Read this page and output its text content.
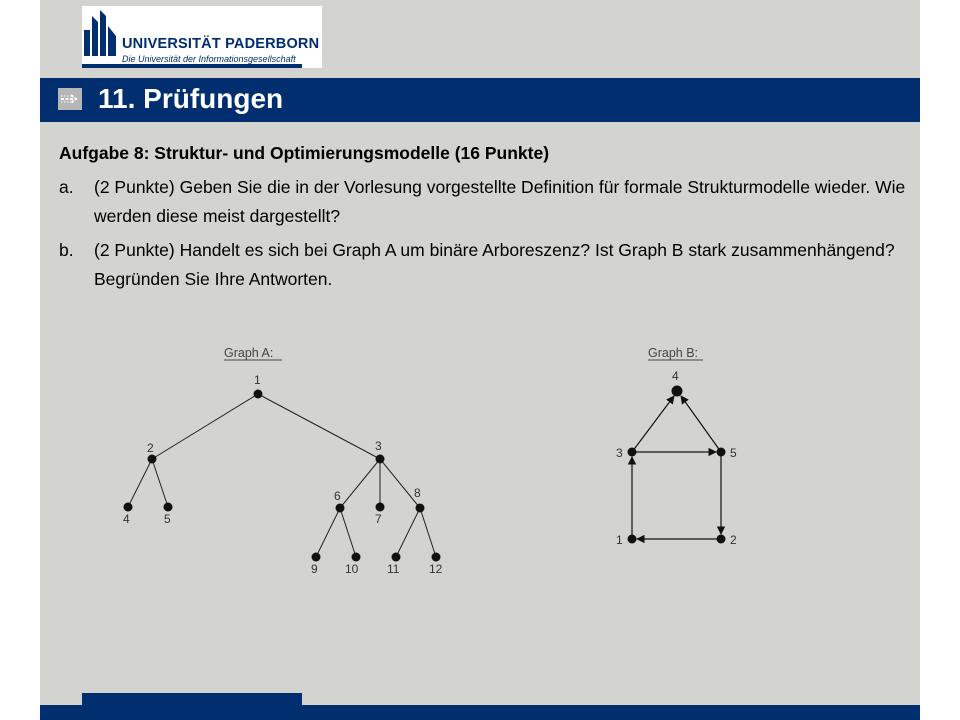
UNIVERSITÄT PADERBORN
Die Universität der Informationsgesellschaft
11. Prüfungen
Aufgabe 8: Struktur- und Optimierungsmodelle (16 Punkte)
a. (2 Punkte) Geben Sie die in der Vorlesung vorgestellte Definition für formale Strukturmodelle wieder. Wie werden diese meist dargestellt?
b. (2 Punkte) Handelt es sich bei Graph A um binäre Arboreszenz? Ist Graph B stark zusammenhängend? Begründen Sie Ihre Antworten.
Graph A:
1
2	3
4	5
6
7
8
9 10 11 12
Graph B:
1	2
3
4
5
